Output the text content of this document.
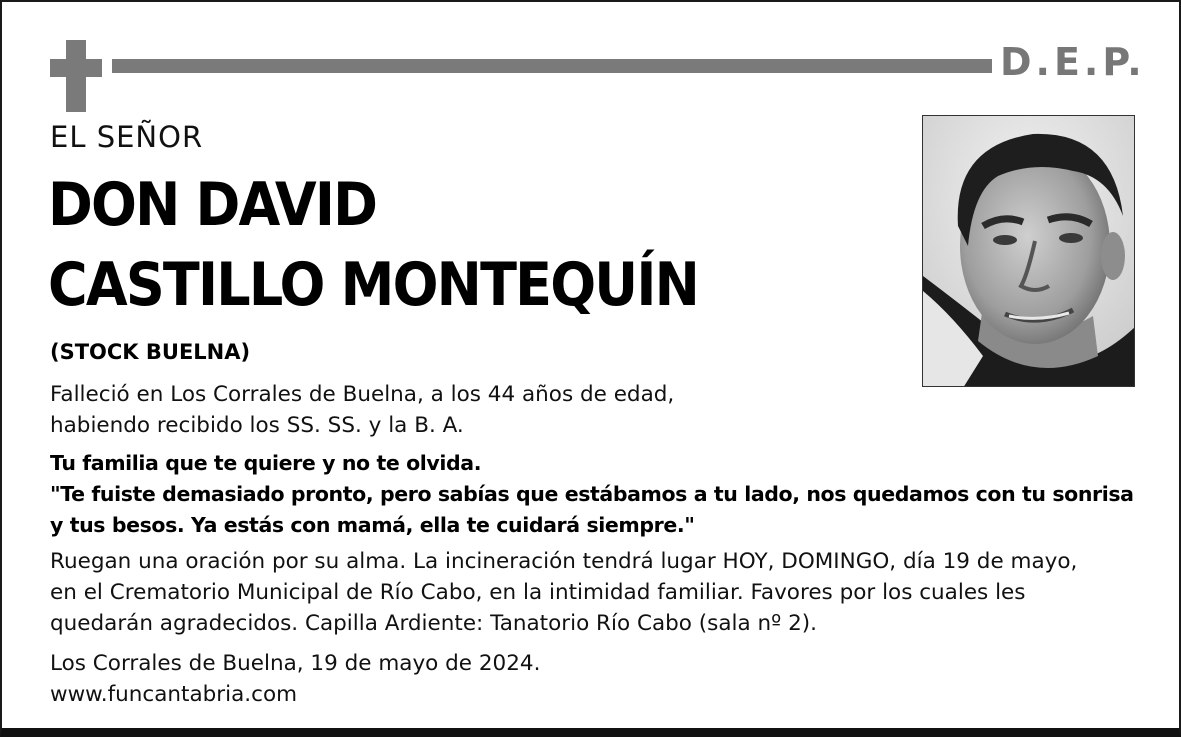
D.E.P.
EL SEÑOR
DON DAVID
CASTILLO MONTEQUÍN
(STOCK BUELNA)
Falleció en Los Corrales de Buelna, a los 44 años de edad,
habiendo recibido los SS. SS. y la B. A.
Tu familia que te quiere y no te olvida.
"Te fuiste demasiado pronto, pero sabías que estábamos a tu lado, nos quedamos con tu sonrisa
y tus besos. Ya estás con mamá, ella te cuidará siempre."
Ruegan una oración por su alma. La incineración tendrá lugar HOY, DOMINGO, día 19 de mayo,
en el Crematorio Municipal de Río Cabo, en la intimidad familiar. Favores por los cuales les
quedarán agradecidos. Capilla Ardiente: Tanatorio Río Cabo (sala nº 2).
Los Corrales de Buelna, 19 de mayo de 2024.
www.funcantabria.com
